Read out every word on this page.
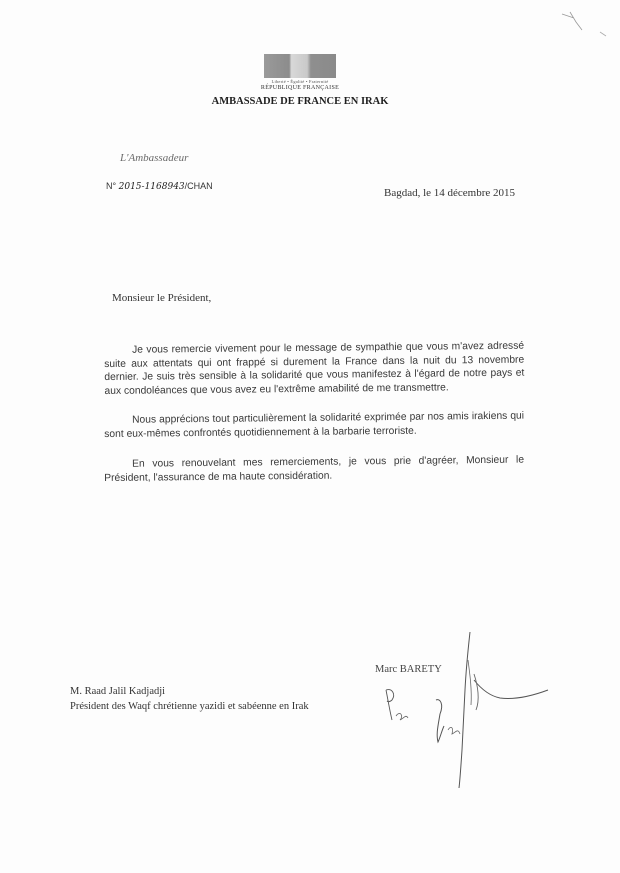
Liberté • Égalité • Fraternité
RÉPUBLIQUE FRANÇAISE
AMBASSADE DE FRANCE EN IRAK
L'Ambassadeur
N° 2015-1168943/CHAN
Bagdad, le 14 décembre 2015
Monsieur le Président,
Je vous remercie vivement pour le message de sympathie que vous m'avez adressé suite aux attentats qui ont frappé si durement la France dans la nuit du 13 novembre dernier. Je suis très sensible à la solidarité que vous manifestez à l'égard de notre pays et aux condoléances que vous avez eu l'extrême amabilité de me transmettre.
Nous apprécions tout particulièrement la solidarité exprimée par nos amis irakiens qui sont eux-mêmes confrontés quotidiennement à la barbarie terroriste.
En vous renouvelant mes remerciements, je vous prie d'agréer, Monsieur le Président, l'assurance de ma haute considération.
Marc BARETY
M. Raad Jalil Kadjadji
Président des Waqf chrétienne yazidi et sabéenne en Irak
